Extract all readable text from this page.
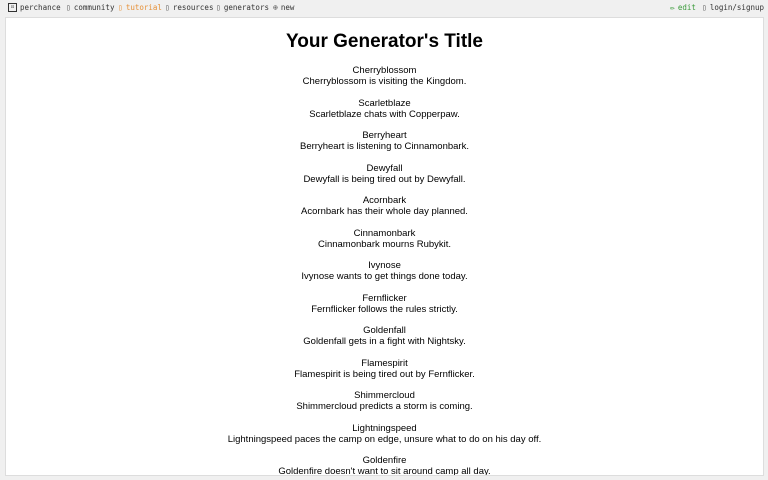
⚄ perchance ▯ community ▯ tutorial ▯ resources ▯ generators ⊕ new	✏ edit ▯ login/signup
Your Generator's Title
Cherryblossom
Cherryblossom is visiting the Kingdom.
Scarletblaze
Scarletblaze chats with Copperpaw.
Berryheart
Berryheart is listening to Cinnamonbark.
Dewyfall
Dewyfall is being tired out by Dewyfall.
Acornbark
Acornbark has their whole day planned.
Cinnamonbark
Cinnamonbark mourns Rubykit.
Ivynose
Ivynose wants to get things done today.
Fernflicker
Fernflicker follows the rules strictly.
Goldenfall
Goldenfall gets in a fight with Nightsky.
Flamespirit
Flamespirit is being tired out by Fernflicker.
Shimmercloud
Shimmercloud predicts a storm is coming.
Lightningspeed
Lightningspeed paces the camp on edge, unsure what to do on his day off.
Goldenfire
Goldenfire doesn't want to sit around camp all day.
